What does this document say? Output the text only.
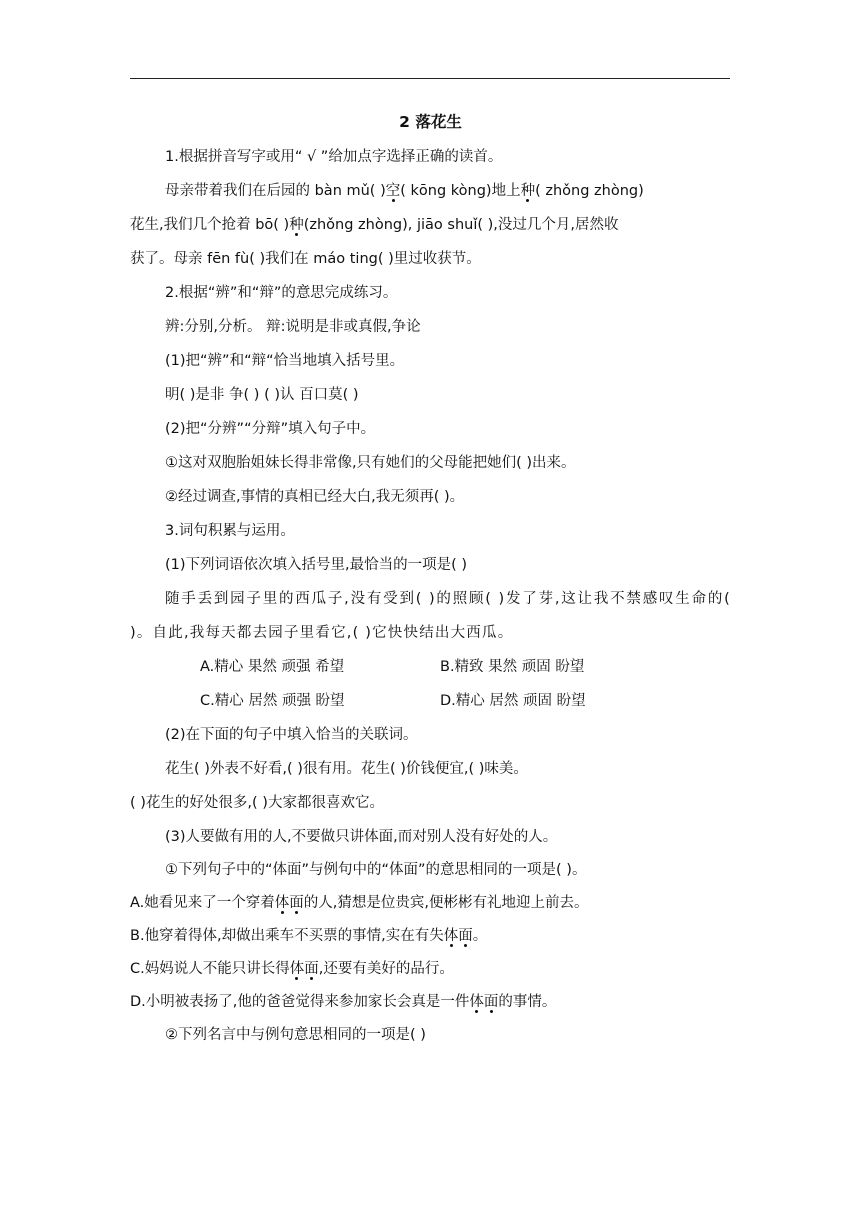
2 落花生

1.根据拼音写字或用“ √ ”给加点字选择正确的读首。

母亲带着我们在后园的 bàn mǔ( )空( kōng kòng)地上种( zhǒng zhòng)

花生,我们几个抢着 bō( )种(zhǒng zhòng), jiāo shuǐ( ),没过几个月,居然收

获了。母亲 fēn fù( )我们在 máo ting( )里过收获节。

2.根据“辨”和“辩”的意思完成练习。

辨:分别,分析。 辩:说明是非或真假,争论

(1)把“辨”和“辩“恰当地填入括号里。

明( )是非 争( ) ( )认 百口莫( )

(2)把“分辨”“分辩”填入句子中。

①这对双胞胎姐妹长得非常像,只有她们的父母能把她们( )出来。

②经过调查,事情的真相已经大白,我无须再( )。

3.词句积累与运用。

(1)下列词语依次填入括号里,最恰当的一项是( )

随手丢到园子里的西瓜子,没有受到( )的照顾( )发了芽,这让我不禁感叹生命的( )。自此,我每天都去园子里看它,( )它快快结出大西瓜。

A.精心 果然 顽强 希望	B.精致 果然 顽固 盼望

C.精心 居然 顽强 盼望	D.精心 居然 顽固 盼望

(2)在下面的句子中填入恰当的关联词。

花生( )外表不好看,( )很有用。花生( )价钱便宜,( )味美。

( )花生的好处很多,( )大家都很喜欢它。

(3)人要做有用的人,不要做只讲体面,而对别人没有好处的人。

①下列句子中的“体面”与例句中的“体面”的意思相同的一项是( )。

A.她看见来了一个穿着体面的人,猜想是位贵宾,便彬彬有礼地迎上前去。

B.他穿着得体,却做出乘车不买票的事情,实在有失体面。

C.妈妈说人不能只讲长得体面,还要有美好的品行。

D.小明被表扬了,他的爸爸觉得来参加家长会真是一件体面的事情。

②下列名言中与例句意思相同的一项是( )
